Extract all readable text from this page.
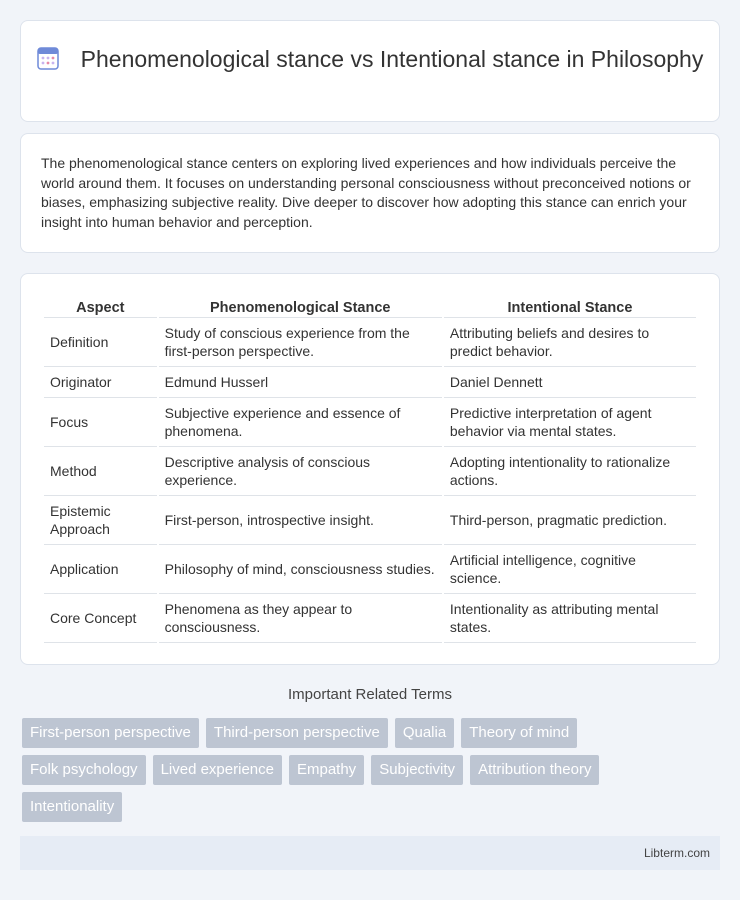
Phenomenological stance vs Intentional stance in Philosophy

The phenomenological stance centers on exploring lived experiences and how individuals perceive the world around them. It focuses on understanding personal consciousness without preconceived notions or biases, emphasizing subjective reality. Dive deeper to discover how adopting this stance can enrich your insight into human behavior and perception.

Aspect	Phenomenological Stance	Intentional Stance
Definition	Study of conscious experience from the first-person perspective.	Attributing beliefs and desires to predict behavior.
Originator	Edmund Husserl	Daniel Dennett
Focus	Subjective experience and essence of phenomena.	Predictive interpretation of agent behavior via mental states.
Method	Descriptive analysis of conscious experience.	Adopting intentionality to rationalize actions.
Epistemic Approach	First-person, introspective insight.	Third-person, pragmatic prediction.
Application	Philosophy of mind, consciousness studies.	Artificial intelligence, cognitive science.
Core Concept	Phenomena as they appear to consciousness.	Intentionality as attributing mental states.
Important Related Terms
First-person perspective	Third-person perspective	Qualia	Theory of mind
Folk psychology	Lived experience	Empathy	Subjectivity	Attribution theory
Intentionality
Libterm.com
